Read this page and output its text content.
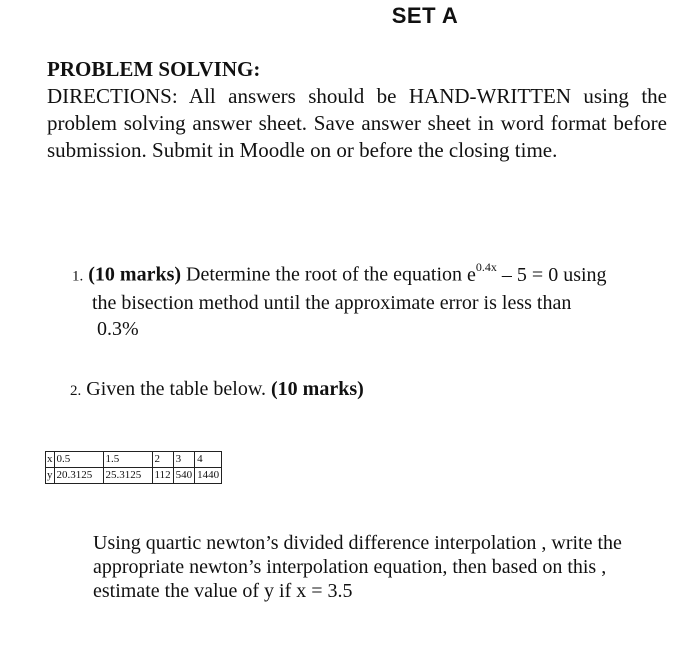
SET A
PROBLEM SOLVING:
DIRECTIONS: All answers should be HAND-WRITTEN using the problem solving answer sheet. Save answer sheet in word format before submission. Submit in Moodle on or before the closing time.
1. (10 marks) Determine the root of the equation $e^{0.4x} - 5 = 0$ using
the bisection method until the approximate error is less than
0.3%
2. Given the table below. (10 marks)
x	0.5	1.5	2	3	4
y	20.3125	25.3125	112	540	1440
Using quartic newton’s divided difference interpolation , write the appropriate newton’s interpolation equation, then based on this , estimate the value of y if x = 3.5
